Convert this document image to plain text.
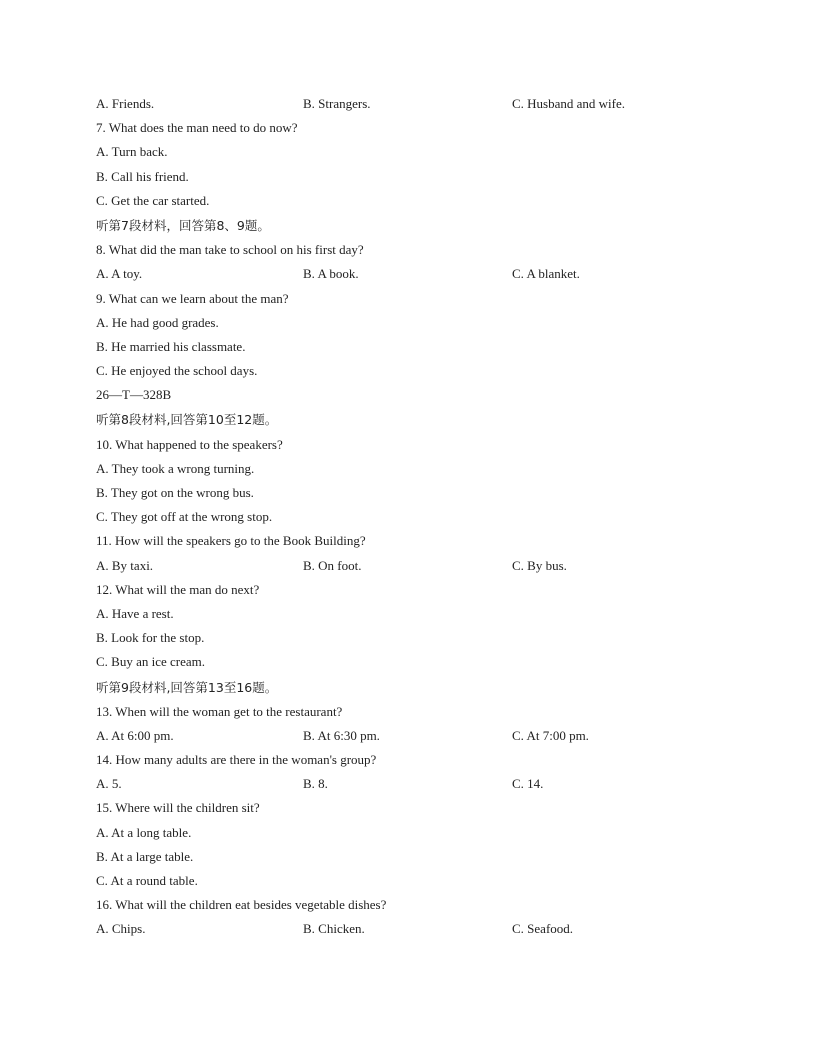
A. Friends.	B. Strangers.	C. Husband and wife.
7. What does the man need to do now?
A. Turn back.
B. Call his friend.
C. Get the car started.
听第7段材料，回答第8、9题。
8. What did the man take to school on his first day?
A. A toy.	B. A book.	C. A blanket.
9. What can we learn about the man?
A. He had good grades.
B. He married his classmate.
C. He enjoyed the school days.
26—T—328B
听第8段材料,回答第10至12题。
10. What happened to the speakers?
A. They took a wrong turning.
B. They got on the wrong bus.
C. They got off at the wrong stop.
11. How will the speakers go to the Book Building?
A. By taxi.	B. On foot.	C. By bus.
12. What will the man do next?
A. Have a rest.
B. Look for the stop.
C. Buy an ice cream.
听第9段材料,回答第13至16题。
13. When will the woman get to the restaurant?
A. At 6:00 pm.	B. At 6:30 pm.	C. At 7:00 pm.
14. How many adults are there in the woman's group?
A. 5.	B. 8.	C. 14.
15. Where will the children sit?
A. At a long table.
B. At a large table.
C. At a round table.
16. What will the children eat besides vegetable dishes?
A. Chips.	B. Chicken.	C. Seafood.
